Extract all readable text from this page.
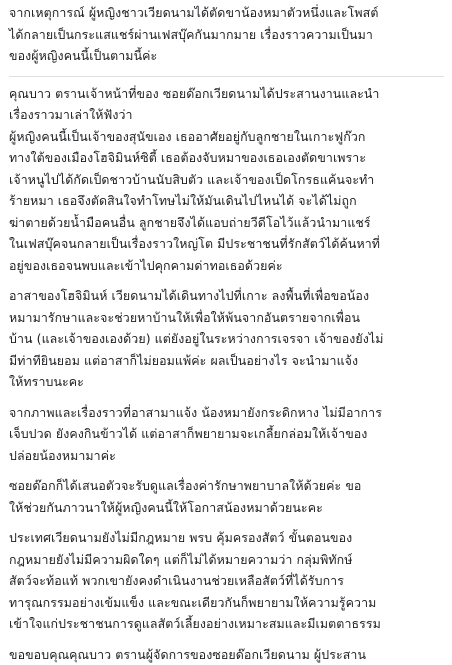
จากเหตุการณ์ ผู้หญิงชาวเวียดนามได้ตัดขาน้องหมาตัวหนึ่งและโพสต์
ได้กลายเป็นกระแสแชร์ผ่านเฟสบุ๊คกันมากมาย เรื่องราวความเป็นมา
ของผู้หญิงคนนี้เป็นตามนี้ค่ะ
คุณบาว ตรานเจ้าหน้าที่ของ ซอยด๊อกเวียดนามได้ประสานงานและนำ
เรื่องราวมาเล่าให้ฟังว่า
ผู้หญิงคนนี้เป็นเจ้าของสุนัขเอง เธออาศัยอยู่กับลูกชายในเกาะฟูก๊วก
ทางใต้ของเมืองโฮจิมินห์ซิตี้ เธอต้องจับหมาของเธอเองตัดขาเพราะ
เจ้าหนูไปได้กัดเป็ดชาวบ้านนับสิบตัว และเจ้าของเป็ดโกรธแค้นจะทำ
ร้ายหมา เธอจึงตัดสินใจทำโทษไม่ให้มันเดินไปไหนได้ จะได้ไม่ถูก
ฆ่าตายด้วยน้ำมือคนอื่น ลูกชายจึงได้แอบถ่ายวีดีโอไว้แล้วนำมาแชร์
ในเฟสบุ๊คจนกลายเป็นเรื่องราวใหญ่โต มีประชาชนที่รักสัตว์ได้ค้นหาที่
อยู่ของเธอจนพบและเข้าไปคุกคามด่าทอเธอด้วยค่ะ
อาสาของโฮจิมินห์ เวียดนามได้เดินทางไปที่เกาะ ลงพื้นที่เพื่อขอน้อง
หมามารักษาและจะช่วยหาบ้านให้เพื่อให้พ้นจากอันตรายจากเพื่อน
บ้าน (และเจ้าของเองด้วย) แต่ยังอยู่ในระหว่างการเจรจา เจ้าของยังไม่
มีท่าทียินยอม แต่อาสาก็ไม่ยอมแพ้ค่ะ ผลเป็นอย่างไร จะนำมาแจ้ง
ให้ทราบนะคะ
จากภาพและเรื่องราวที่อาสามาแจ้ง น้องหมายังกระดิกหาง ไม่มีอาการ
เจ็บปวด ยังคงกินข้าวได้ แต่อาสาก็พยายามจะเกลี้ยกล่อมให้เจ้าของ
ปล่อยน้องหมามาค่ะ
ซอยด๊อกก็ได้เสนอตัวจะรับดูแลเรื่องค่ารักษาพยาบาลให้ด้วยค่ะ ขอ
ให้ช่วยกันภาวนาให้ผู้หญิงคนนี้ให้โอกาสน้องหมาด้วยนะคะ
ประเทศเวียดนามยังไม่มีกฎหมาย พรบ คุ้มครองสัตว์ ขั้นตอนของ
กฎหมายยังไม่มีความผิดใดๆ แต่ก็ไม่ได้หมายความว่า กลุ่มพิทักษ์
สัตว์จะท้อแท้ พวกเขายังคงดำเนินงานช่วยเหลือสัตว์ที่ได้รับการ
ทารุณกรรมอย่างเข้มแข็ง และขณะเดียวกันก็พยายามให้ความรู้ความ
เข้าใจแก่ประชาชนการดูแลสัตว์เลี้ยงอย่างเหมาะสมและมีเมตตาธรรม
ขอขอบคุณคุณบาว ตรานผู้จัดการของซอยด๊อกเวียดนาม ผู้ประสาน
